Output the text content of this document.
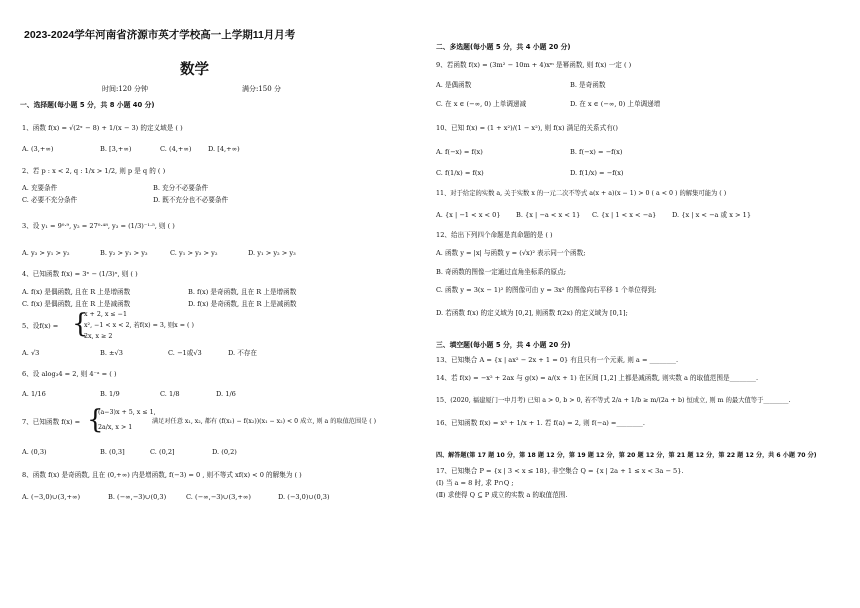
2023-2024学年河南省济源市英才学校高一上学期11月月考
数学
时间:120 分钟	满分:150 分
一、选择题(每小题 5 分，共 8 小题 40 分)
1、函数 f(x) = √(2ˣ − 8) + 1/(x − 3) 的定义域是 ( )
A. (3,+∞)	B. [3,+∞)	C. (4,+∞)	D. [4,+∞)
2、若 p : x < 2, q : 1/x > 1/2, 则 p 是 q 的 ( )
A. 充要条件	B. 充分不必要条件
C. 必要不充分条件	D. 既不充分也不必要条件
3、设 y₁ = 9⁰·⁹, y₂ = 27⁰·⁴⁸, y₃ = (1/3)⁻¹·⁵, 则 ( )
A. y₃ > y₁ > y₂	B. y₂ > y₁ > y₃	C. y₁ > y₃ > y₂	D. y₁ > y₂ > y₃
4、已知函数 f(x) = 3ˣ − (1/3)ˣ, 则 ( )
A. f(x) 是偶函数, 且在 R 上是增函数	B. f(x) 是奇函数, 且在 R 上是增函数
C. f(x) 是偶函数, 且在 R 上是减函数	D. f(x) 是奇函数, 且在 R 上是减函数
5、设f(x) = {
x + 2, x ≤ −1
x², −1 < x < 2, 若f(x) = 3, 则x = ( )
2x, x ≥ 2
A. √3	B. ±√3	C. −1或√3	D. 不存在
6、设 alog₃4 = 2, 则 4⁻ᵃ = ( )
A. 1/16	B. 1/9	C. 1/8	D. 1/6
7、已知函数 f(x) = {
(a−3)x + 5, x ≤ 1,
2a/x, x > 1
满足对任意 x₁, x₂, 都有 (f(x₁) − f(x₂))(x₁ − x₂) < 0 成立, 则 a 的取值范围是 ( )
A. (0,3)	B. (0,3]	C. (0,2]	D. (0,2)
8、函数 f(x) 是奇函数, 且在 (0,+∞) 内是增函数, f(−3) = 0 , 则不等式 xf(x) < 0 的解集为 ( )
A. (−3,0)∪(3,+∞)	B. (−∞,−3)∪(0,3)	C. (−∞,−3)∪(3,+∞)	D. (−3,0)∪(0,3)
二、多选题(每小题 5 分，共 4 小题 20 分)
9、若函数 f(x) = (3m² − 10m + 4)xᵐ 是幂函数, 则 f(x) 一定 ( )
A. 是偶函数	B. 是奇函数
C. 在 x ∈ (−∞, 0) 上单调递减	D. 在 x ∈ (−∞, 0) 上单调递增
10、已知 f(x) = (1 + x²)/(1 − x²), 则 f(x) 满足的关系式有()
A. f(−x) = f(x)	B. f(−x) = −f(x)
C. f(1/x) = f(x)	D. f(1/x) = −f(x)
11、对于给定的实数 a, 关于实数 x 的一元二次不等式 a(x + a)(x − 1) > 0 ( a < 0 ) 的解集可能为 ( )
A. {x | −1 < x < 0} B. {x | −a < x < 1} C. {x | 1 < x < −a} D. {x | x < −a 或 x > 1}
12、给出下列四个命题是真命题的是 ( )
A. 函数 y = |x| 与函数 y = (√x)² 表示同一个函数;
B. 奇函数的图像一定通过直角坐标系的原点;
C. 函数 y = 3(x − 1)² 的图像可由 y = 3x² 的图像向右平移 1 个单位得到;
D. 若函数 f(x) 的定义域为 [0,2], 则函数 f(2x) 的定义域为 [0,1];
三、填空题(每小题 5 分，共 4 小题 20 分)
13、已知集合 A = {x | ax² − 2x + 1 = 0} 有且只有一个元素, 则 a = ________.
14、若 f(x) = −x² + 2ax 与 g(x) = a/(x + 1) 在区间 [1,2] 上都是减函数, 则实数 a 的取值范围是________.
15、(2020, 福建厦门一中月考) 已知 a > 0, b > 0, 若不等式 2/a + 1/b ≥ m/(2a + b) 恒成立, 则 m 的最大值等于________.
16、已知函数 f(x) = x³ + 1/x + 1. 若 f(a) = 2, 则 f(−a) =________.
四、解答题(第 17 题 10 分，第 18 题 12 分，第 19 题 12 分，第 20 题 12 分，第 21 题 12 分，第 22 题 12 分，共 6 小题 70 分)
17、已知集合 P = {x | 3 < x ≤ 18}, 非空集合 Q = {x | 2a + 1 ≤ x < 3a − 5}.
(Ⅰ) 当 a = 8 时, 求 P∩Q ;
(Ⅱ) 求使得 Q ⊆ P 成立的实数 a 的取值范围.
